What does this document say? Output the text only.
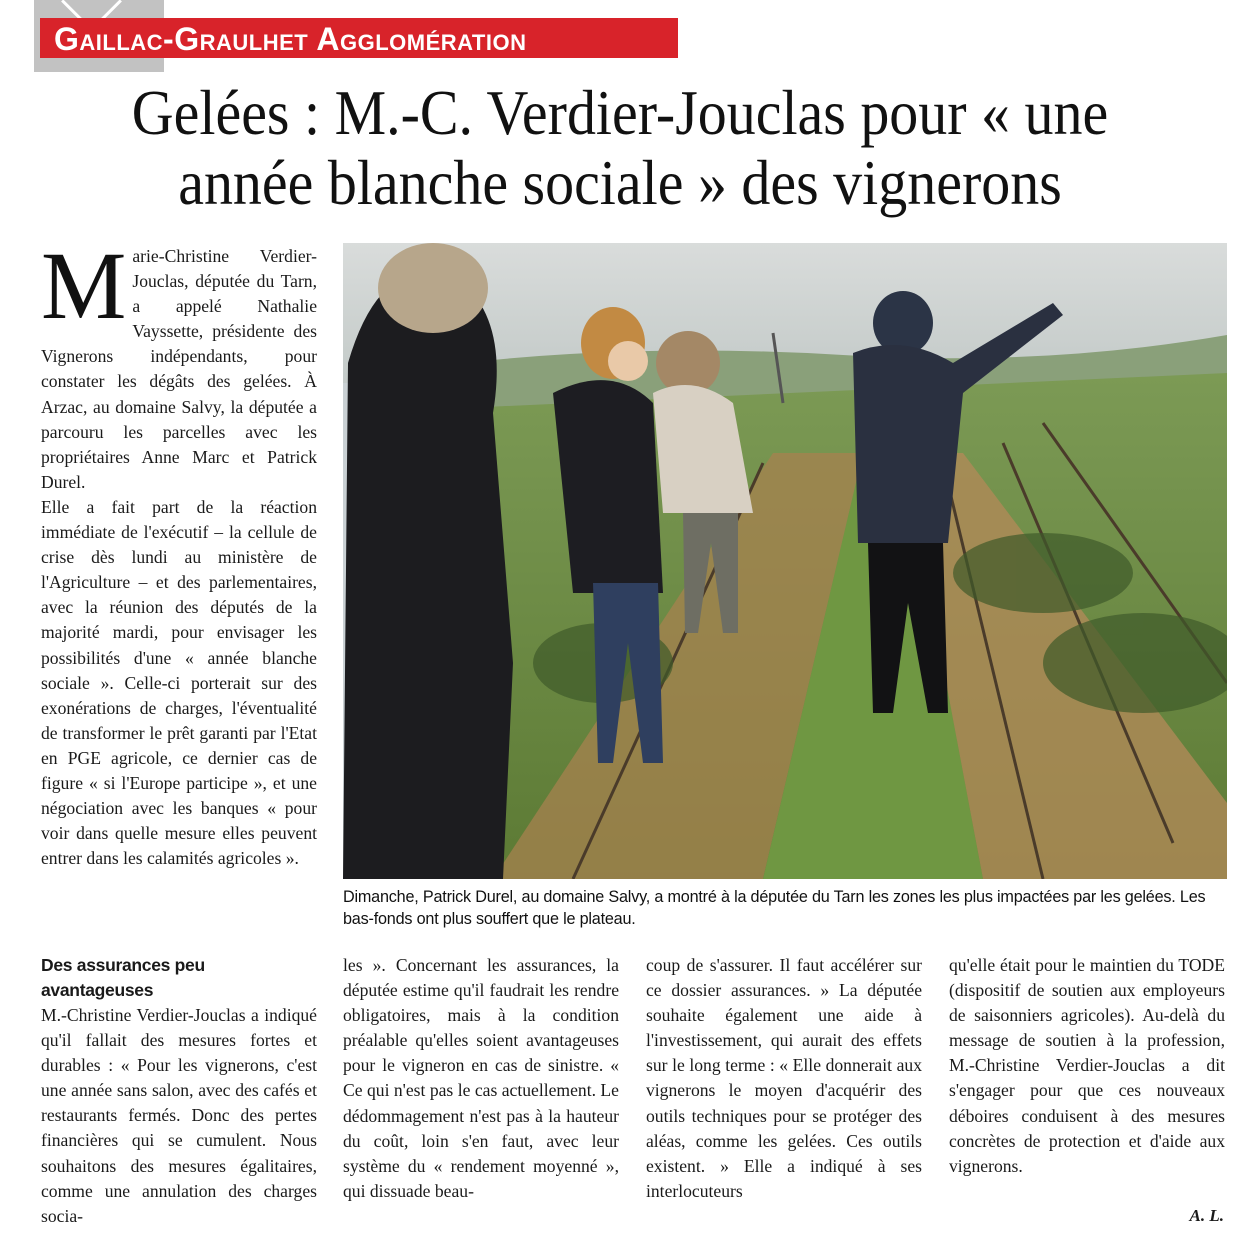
Gaillac-Graulhet Agglomération
Gelées : M.-C. Verdier-Jouclas pour « une année blanche sociale » des vignerons
M arie-Christine Verdier-Jouclas, députée du Tarn, a appelé Nathalie Vayssette, présidente des Vignerons indépendants, pour constater les dégâts des gelées. À Arzac, au domaine Salvy, la députée a parcouru les parcelles avec les propriétaires Anne Marc et Patrick Durel.

Elle a fait part de la réaction immédiate de l'exécutif – la cellule de crise dès lundi au ministère de l'Agriculture – et des parlementaires, avec la réunion des députés de la majorité mardi, pour envisager les possibilités d'une « année blanche sociale ». Celle-ci porterait sur des exonérations de charges, l'éventualité de transformer le prêt garanti par l'Etat en PGE agricole, ce dernier cas de figure « si l'Europe participe », et une négociation avec les banques « pour voir dans quelle mesure elles peuvent entrer dans les calamités agricoles ».

Dimanche, Patrick Durel, au domaine Salvy, a montré à la députée du Tarn les zones les plus impactées par les gelées. Les bas-fonds ont plus souffert que le plateau.

Des assurances peu avantageuses

M.-Christine Verdier-Jouclas a indiqué qu'il fallait des mesures fortes et durables : « Pour les vignerons, c'est une année sans salon, avec des cafés et restaurants fermés. Donc des pertes financières qui se cumulent. Nous souhaitons des mesures égalitaires, comme une annulation des charges socia-

les ». Concernant les assurances, la députée estime qu'il faudrait les rendre obligatoires, mais à la condition préalable qu'elles soient avantageuses pour le vigneron en cas de sinistre. « Ce qui n'est pas le cas actuellement. Le dédommagement n'est pas à la hauteur du coût, loin s'en faut, avec leur système du « rendement moyenné », qui dissuade beau-

coup de s'assurer. Il faut accélérer sur ce dossier assurances. » La députée souhaite également une aide à l'investissement, qui aurait des effets sur le long terme : « Elle donnerait aux vignerons le moyen d'acquérir des outils techniques pour se protéger des aléas, comme les gelées. Ces outils existent. » Elle a indiqué à ses interlocuteurs

qu'elle était pour le maintien du TODE (dispositif de soutien aux employeurs de saisonniers agricoles). Au-delà du message de soutien à la profession, M.-Christine Verdier-Jouclas a dit s'engager pour que ces nouveaux déboires conduisent à des mesures concrètes de protection et d'aide aux vignerons.

A. L.
